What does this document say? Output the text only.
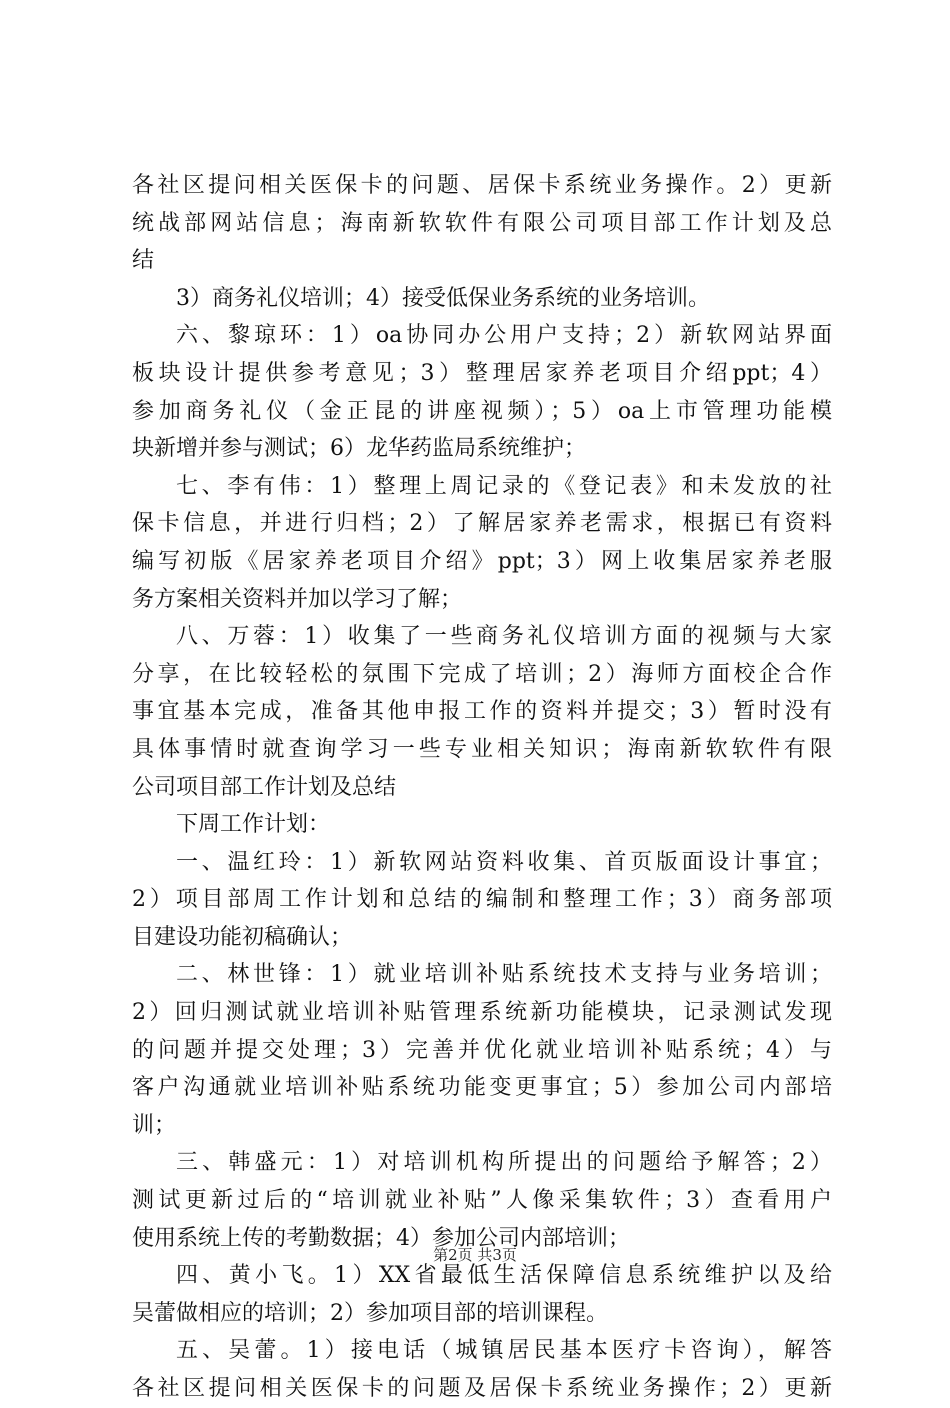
各社区提问相关医保卡的问题、居保卡系统业务操作。2）更新
统战部网站信息；海南新软软件有限公司项目部工作计划及总
结
3）商务礼仪培训；4）接受低保业务系统的业务培训。
六、黎琼环：1）oa协同办公用户支持；2）新软网站界面
板块设计提供参考意见；3）整理居家养老项目介绍ppt；4）
参加商务礼仪（金正昆的讲座视频）；5）oa上市管理功能模
块新增并参与测试；6）龙华药监局系统维护；
七、李有伟：1）整理上周记录的《登记表》和未发放的社
保卡信息，并进行归档；2）了解居家养老需求，根据已有资料
编写初版《居家养老项目介绍》ppt；3）网上收集居家养老服
务方案相关资料并加以学习了解；
八、万蓉：1）收集了一些商务礼仪培训方面的视频与大家
分享，在比较轻松的氛围下完成了培训；2）海师方面校企合作
事宜基本完成，准备其他申报工作的资料并提交；3）暂时没有
具体事情时就查询学习一些专业相关知识；海南新软软件有限
公司项目部工作计划及总结
下周工作计划：
一、温红玲：1）新软网站资料收集、首页版面设计事宜；
2）项目部周工作计划和总结的编制和整理工作；3）商务部项
目建设功能初稿确认；
二、林世锋：1）就业培训补贴系统技术支持与业务培训；
2）回归测试就业培训补贴管理系统新功能模块，记录测试发现
的问题并提交处理；3）完善并优化就业培训补贴系统；4）与
客户沟通就业培训补贴系统功能变更事宜；5）参加公司内部培
训；
三、韩盛元：1）对培训机构所提出的问题给予解答；2）
测试更新过后的“培训就业补贴”人像采集软件；3）查看用户
使用系统上传的考勤数据；4）参加公司内部培训；
四、黄小飞。1）XX省最低生活保障信息系统维护以及给
吴蕾做相应的培训；2）参加项目部的培训课程。
五、吴蕾。1）接电话（城镇居民基本医疗卡咨询），解答
各社区提问相关医保卡的问题及居保卡系统业务操作；2）更新
第2页 共3页
